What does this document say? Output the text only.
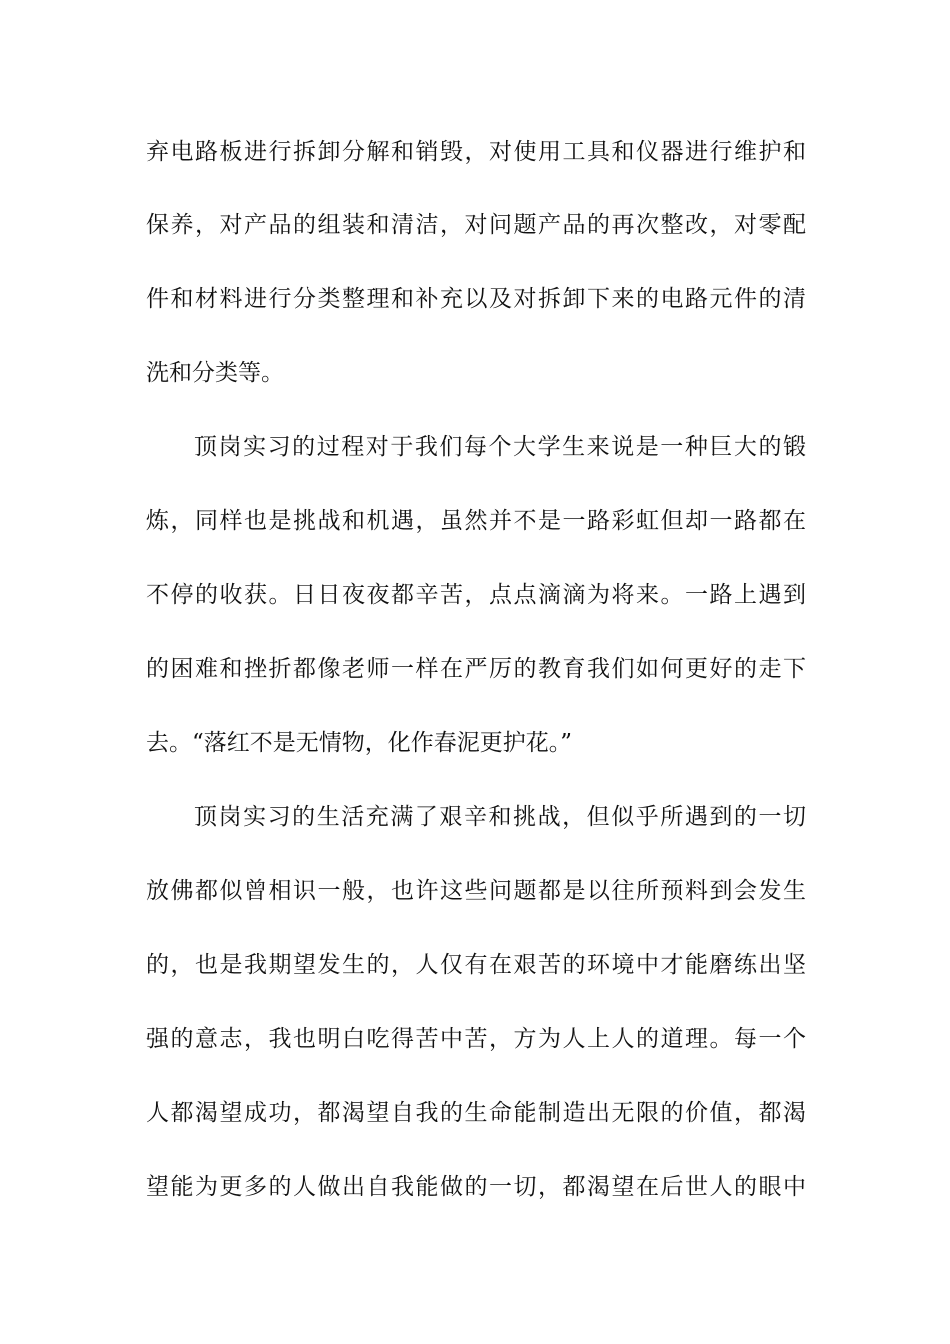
弃电路板进行拆卸分解和销毁，对使用工具和仪器进行维护和
保养，对产品的组装和清洁，对问题产品的再次整改，对零配
件和材料进行分类整理和补充以及对拆卸下来的电路元件的清
洗和分类等。
顶岗实习的过程对于我们每个大学生来说是一种巨大的锻
炼，同样也是挑战和机遇，虽然并不是一路彩虹但却一路都在
不停的收获。日日夜夜都辛苦，点点滴滴为将来。一路上遇到
的困难和挫折都像老师一样在严厉的教育我们如何更好的走下
去。“落红不是无情物，化作春泥更护花。”
顶岗实习的生活充满了艰辛和挑战，但似乎所遇到的一切
放佛都似曾相识一般，也许这些问题都是以往所预料到会发生
的，也是我期望发生的，人仅有在艰苦的环境中才能磨练出坚
强的意志，我也明白吃得苦中苦，方为人上人的道理。每一个
人都渴望成功，都渴望自我的生命能制造出无限的价值，都渴
望能为更多的人做出自我能做的一切，都渴望在后世人的眼中
